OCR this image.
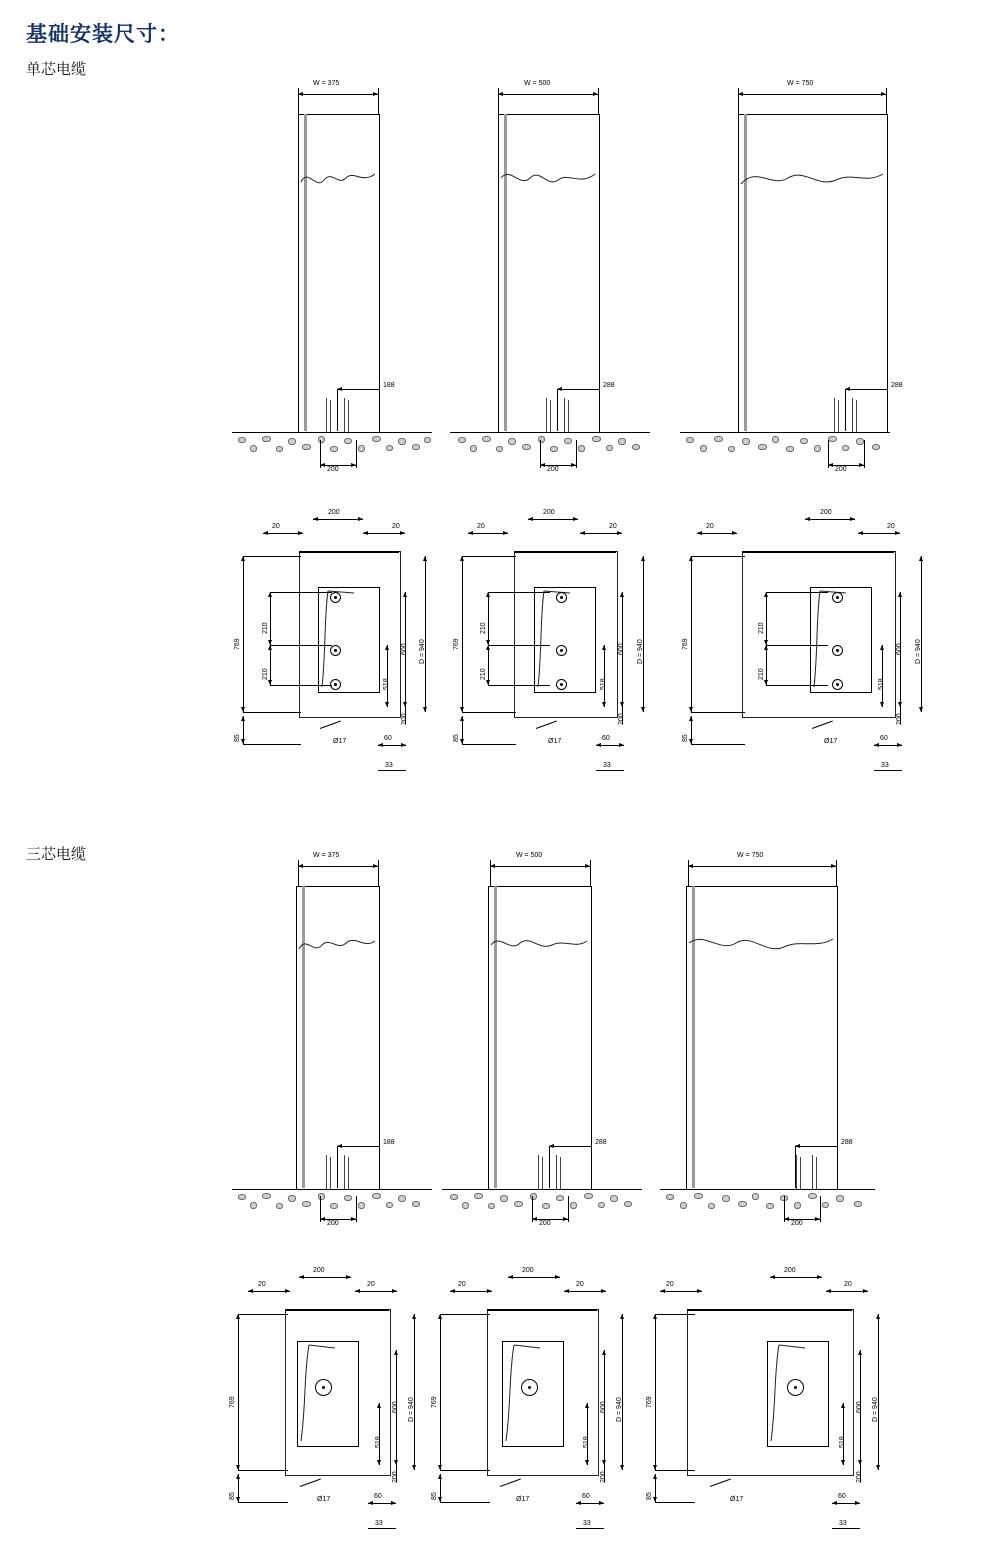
基础安装尺寸：
单芯电缆
三芯电缆
W = 375
188
200
W = 500
288
200
W = 750
288
200
20
200
20
769
210
210
600
518
D = 940
200
85	Ø17	60
33
20
200
20
769
210
210
600
518
D = 940
200
85	Ø17	60
33
20
200
20
769
210
210
600
518
D = 940
200
85	Ø17	60
33
W = 375
188
200
W = 500
288
200
W = 750
288
200
20
200
20
769	600
518
D = 940
200
85	Ø17	60
33
20
200
20
769	600
518
D = 940
200
85	Ø17	60
33
20
200
20
769	600
518
D = 940
200
85	Ø17	60
33
